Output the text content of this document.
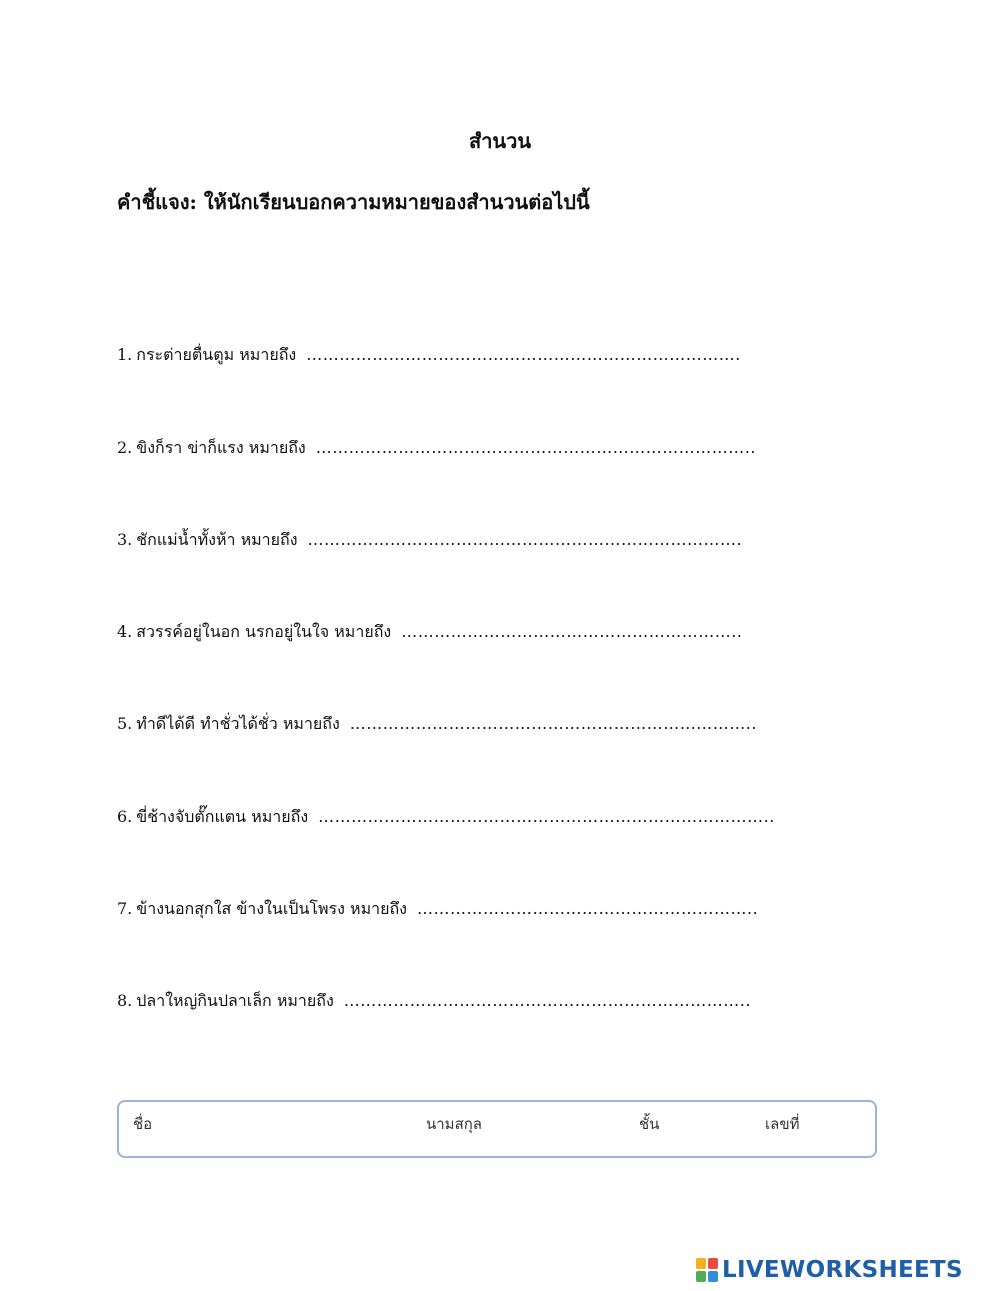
สำนวน
คำชี้แจง: ให้นักเรียนบอกความหมายของสำนวนต่อไปนี้
1. กระต่ายตื่นตูม หมายถึง …………………………………………………………………….
2. ขิงก็รา ข่าก็แรง หมายถึง ……………………………………………………………………..
3. ชักแม่น้ำทั้งห้า หมายถึง …………………………………………………………………….
4. สวรรค์อยู่ในอก นรกอยู่ในใจ หมายถึง ……………………………………………………..
5. ทำดีได้ดี ทำชั่วได้ชั่ว หมายถึง ………………………………………………………………..
6. ขี่ช้างจับตั๊กแตน หมายถึง ………………………………………………………………………..
7. ข้างนอกสุกใส ข้างในเป็นโพรง หมายถึง ……………………………………………………..
8. ปลาใหญ่กินปลาเล็ก หมายถึง ………………………………………………………………..
ชื่อ	นามสกุล	ชั้น	เลขที่
LIVEWORKSHEETS
